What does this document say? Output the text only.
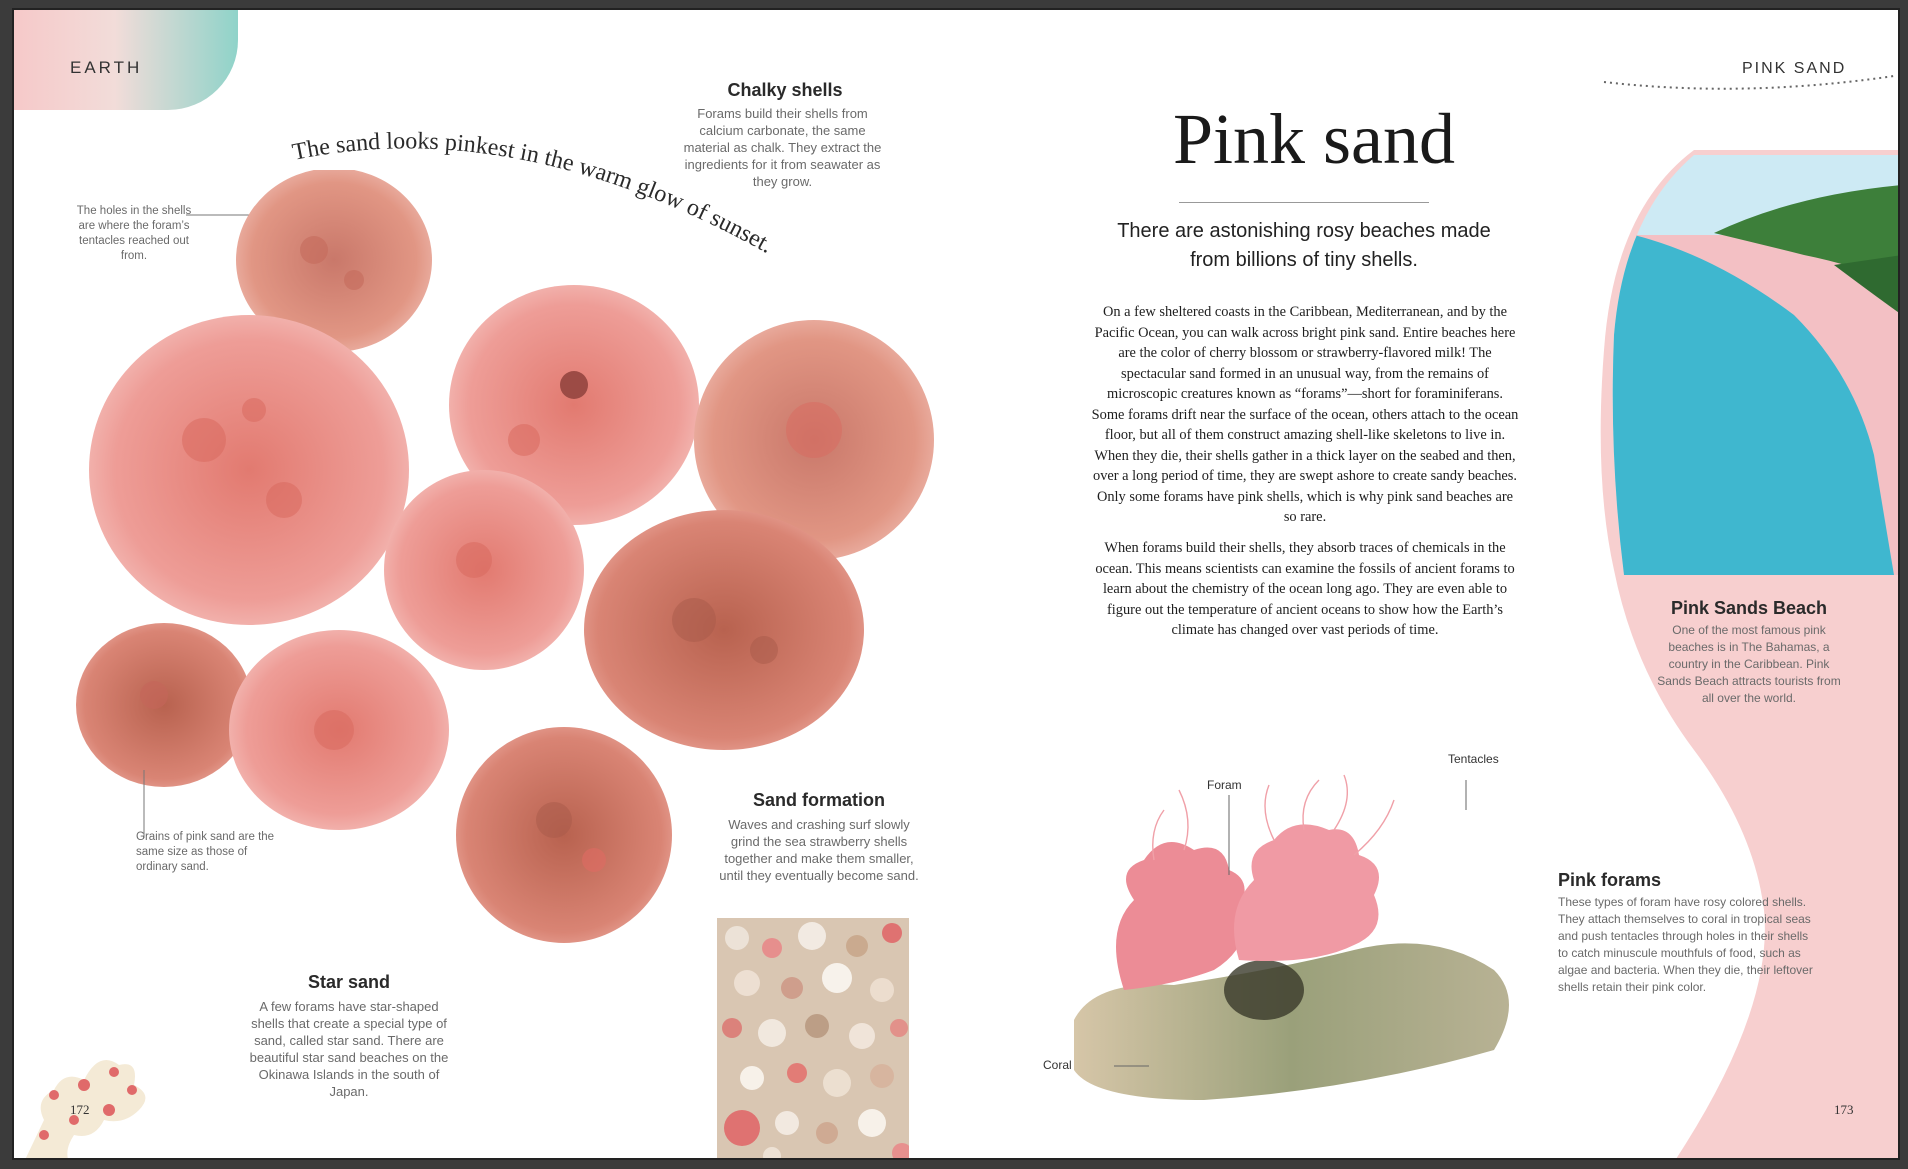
EARTH	PINK SAND
The sand looks pinkest in the warm glow of sunset.
The holes in the shells are where the foram’s tentacles reached out from.
Chalky shells
Forams build their shells from calcium carbonate, the same material as chalk. They extract the ingredients for it from seawater as they grow.
Grains of pink sand are the same size as those of ordinary sand.
Sand formation
Waves and crashing surf slowly grind the sea strawberry shells together and make them smaller, until they eventually become sand.
Star sand
A few forams have star-shaped shells that create a special type of sand, called star sand. There are beautiful star sand beaches on the Okinawa Islands in the south of Japan.
172
Pink sand
There are astonishing rosy beaches made from billions of tiny shells.
On a few sheltered coasts in the Caribbean, Mediterranean, and by the Pacific Ocean, you can walk across bright pink sand. Entire beaches here are the color of cherry blossom or strawberry-flavored milk! The spectacular sand formed in an unusual way, from the remains of microscopic creatures known as “forams”—short for foraminiferans. Some forams drift near the surface of the ocean, others attach to the ocean floor, but all of them construct amazing shell-like skeletons to live in. When they die, their shells gather in a thick layer on the seabed and then, over a long period of time, they are swept ashore to create sandy beaches. Only some forams have pink shells, which is why pink sand beaches are so rare.
When forams build their shells, they absorb traces of chemicals in the ocean. This means scientists can examine the fossils of ancient forams to learn about the chemistry of the ocean long ago. They are even able to figure out the temperature of ancient oceans to show how the Earth’s climate has changed over vast periods of time.
Foram
Tentacles
Coral
Pink Sands Beach
One of the most famous pink beaches is in The Bahamas, a country in the Caribbean. Pink Sands Beach attracts tourists from all over the world.
Pink forams
These types of foram have rosy colored shells. They attach themselves to coral in tropical seas and push tentacles through holes in their shells to catch minuscule mouthfuls of food, such as algae and bacteria. When they die, their leftover shells retain their pink color.
173
